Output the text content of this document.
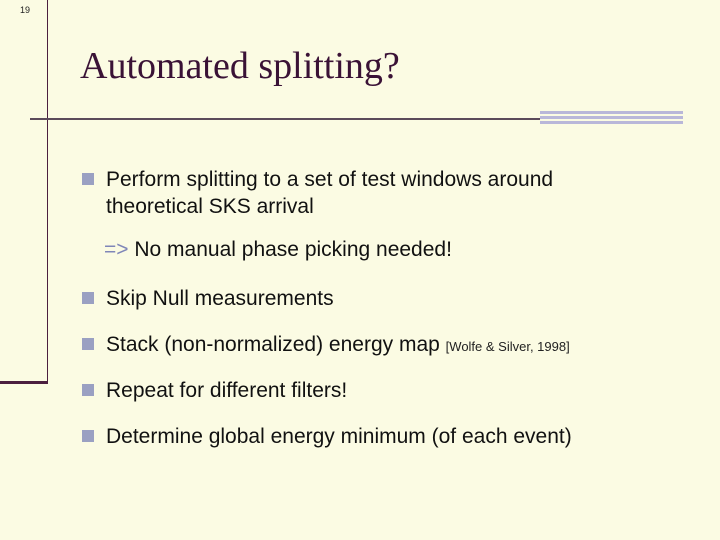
19
Automated splitting?
Perform splitting to a set of test windows around
theoretical SKS arrival
=> No manual phase picking needed!
Skip Null measurements
Stack (non-normalized) energy map [Wolfe & Silver, 1998]
Repeat for different filters!
Determine global energy minimum (of each event)
